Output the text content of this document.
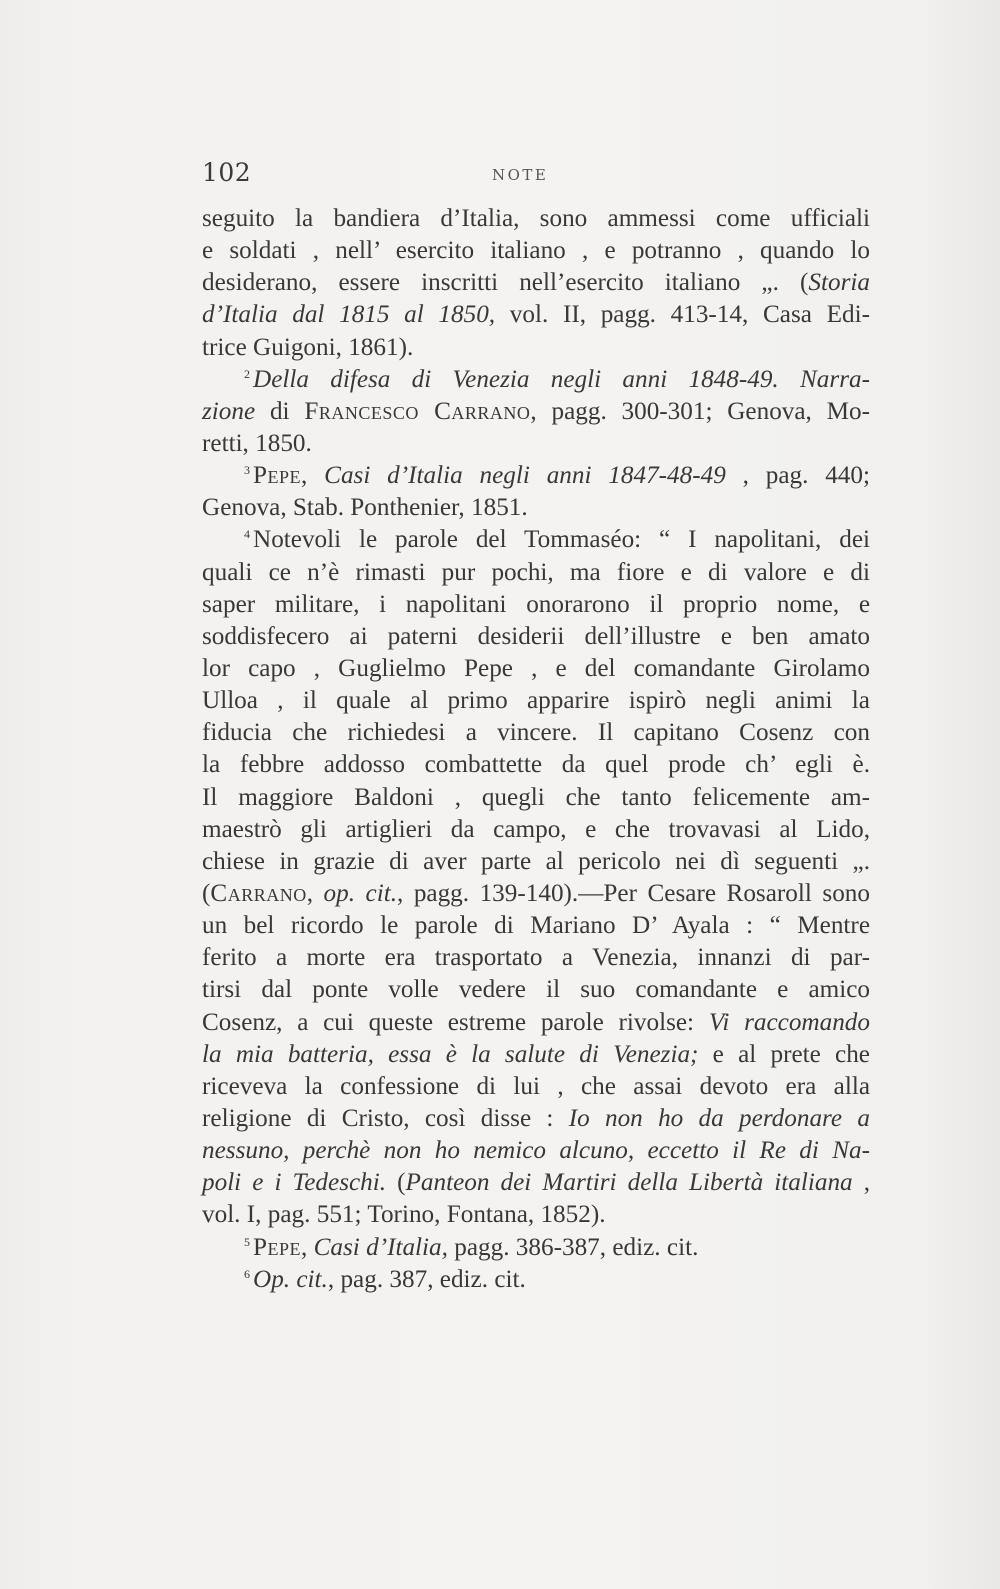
102	NOTE
seguito la bandiera d’Italia, sono ammessi come ufficiali
e soldati , nell’ esercito italiano , e potranno , quando lo
desiderano, essere inscritti nell’esercito italiano „. (Storia
d’Italia dal 1815 al 1850, vol. II, pagg. 413-14, Casa Edi-
trice Guigoni, 1861).
$^2$ Della difesa di Venezia negli anni 1848-49. Narra-
zione di Francesco Carrano, pagg. 300-301; Genova, Mo-
retti, 1850.
$^3$ Pepe, Casi d’Italia negli anni 1847-48-49 , pag. 440;
Genova, Stab. Ponthenier, 1851.
$^4$ Notevoli le parole del Tommaséo: “ I napolitani, dei
quali ce n’è rimasti pur pochi, ma fiore e di valore e di
saper militare, i napolitani onorarono il proprio nome, e
soddisfecero ai paterni desiderii dell’illustre e ben amato
lor capo , Guglielmo Pepe , e del comandante Girolamo
Ulloa , il quale al primo apparire ispirò negli animi la
fiducia che richiedesi a vincere. Il capitano Cosenz con
la febbre addosso combattette da quel prode ch’ egli è.
Il maggiore Baldoni , quegli che tanto felicemente am-
maestrò gli artiglieri da campo, e che trovavasi al Lido,
chiese in grazie di aver parte al pericolo nei dì seguenti „.
(Carrano, op. cit., pagg. 139-140).—Per Cesare Rosaroll sono
un bel ricordo le parole di Mariano D’ Ayala : “ Mentre
ferito a morte era trasportato a Venezia, innanzi di par-
tirsi dal ponte volle vedere il suo comandante e amico
Cosenz, a cui queste estreme parole rivolse: Vi raccomando
la mia batteria, essa è la salute di Venezia; e al prete che
riceveva la confessione di lui , che assai devoto era alla
religione di Cristo, così disse : Io non ho da perdonare a
nessuno, perchè non ho nemico alcuno, eccetto il Re di Na-
poli e i Tedeschi. (Panteon dei Martiri della Libertà italiana ,
vol. I, pag. 551; Torino, Fontana, 1852).
$^5$ Pepe, Casi d’Italia, pagg. 386-387, ediz. cit.
$^6$ Op. cit., pag. 387, ediz. cit.
